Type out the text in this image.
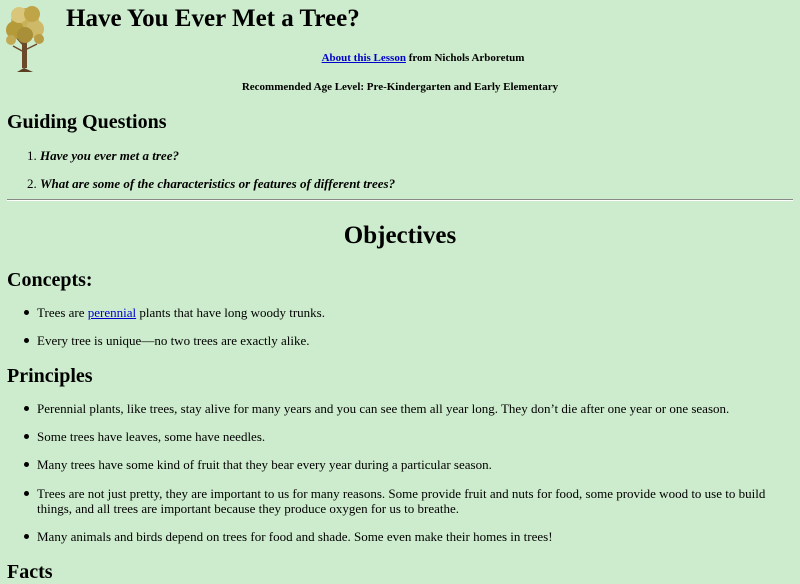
Have You Ever Met a Tree?
About this Lesson from Nichols Arboretum
Recommended Age Level: Pre-Kindergarten and Early Elementary
Guiding Questions
1. Have you ever met a tree?
2. What are some of the characteristics or features of different trees?
Objectives
Concepts:
Trees are perennial plants that have long woody trunks.
Every tree is unique—no two trees are exactly alike.
Principles
Perennial plants, like trees, stay alive for many years and you can see them all year long. They don’t die after one year or one season.
Some trees have leaves, some have needles.
Many trees have some kind of fruit that they bear every year during a particular season.
Trees are not just pretty, they are important to us for many reasons. Some provide fruit and nuts for food, some provide wood to use to build things, and all trees are important because they produce oxygen for us to breathe.
Many animals and birds depend on trees for food and shade. Some even make their homes in trees!
Facts
